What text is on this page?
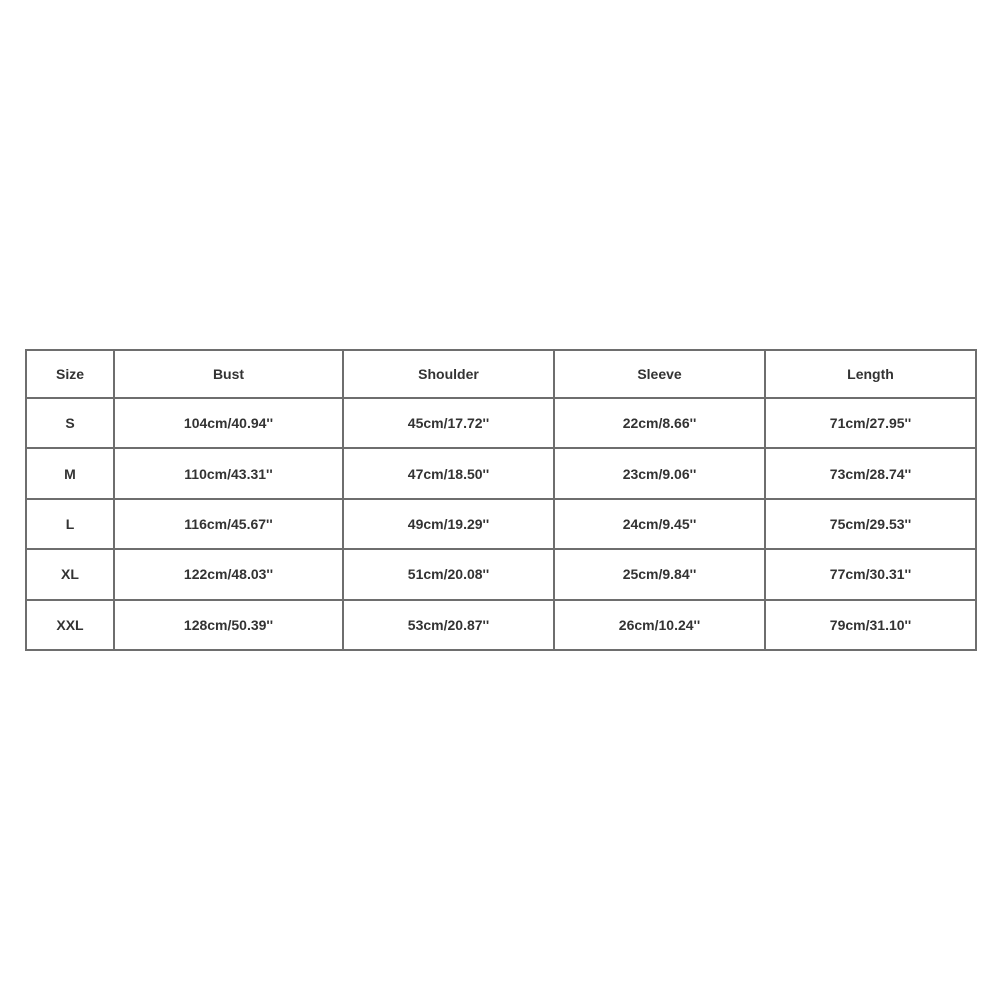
Size	Bust	Shoulder	Sleeve	Length
S	104cm/40.94''	45cm/17.72''	22cm/8.66''	71cm/27.95''
M	110cm/43.31''	47cm/18.50''	23cm/9.06''	73cm/28.74''
L	116cm/45.67''	49cm/19.29''	24cm/9.45''	75cm/29.53''
XL	122cm/48.03''	51cm/20.08''	25cm/9.84''	77cm/30.31''
XXL	128cm/50.39''	53cm/20.87''	26cm/10.24''	79cm/31.10''
